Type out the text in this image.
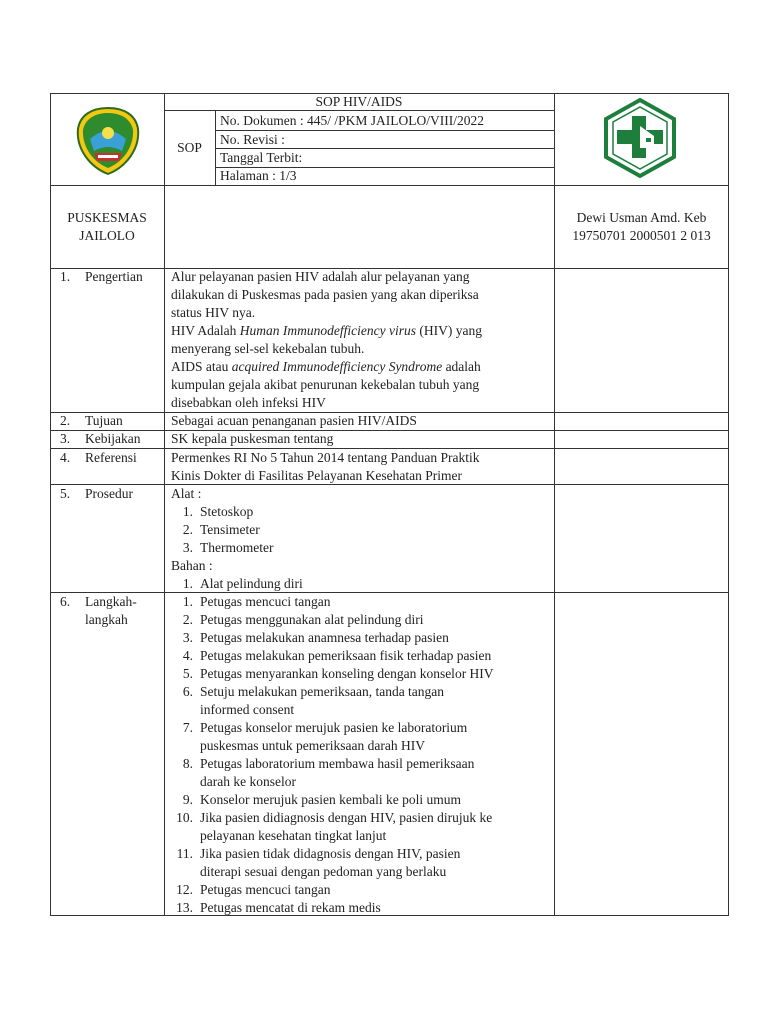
SOP HIV/AIDS
SOP
No. Dokumen : 445/ /PKM JAILOLO/VIII/2022
No. Revisi :
Tanggal Terbit:
Halaman : 1/3
PUSKESMAS
JAILOLO
Dewi Usman Amd. Keb
19750701 2000501 2 013
1. Pengertian Alur pelayanan pasien HIV adalah alur pelayanan yang
dilakukan di Puskesmas pada pasien yang akan diperiksa
status HIV nya.
HIV Adalah Human Immunodefficiency virus (HIV) yang
menyerang sel-sel kekebalan tubuh.
AIDS atau acquired Immunodefficiency Syndrome adalah
kumpulan gejala akibat penurunan kekebalan tubuh yang
disebabkan oleh infeksi HIV
2. Tujuan	Sebagai acuan penanganan pasien HIV/AIDS
3. Kebijakan SK kepala puskesman tentang
4. Referensi	Permenkes RI No 5 Tahun 2014 tentang Panduan Praktik
Kinis Dokter di Fasilitas Pelayanan Kesehatan Primer
5. Prosedur	Alat :
1. Stetoskop
2. Tensimeter
3. Thermometer
Bahan :
1. Alat pelindung diri
6. Langkah-
langkah
1. Petugas mencuci tangan
2. Petugas menggunakan alat pelindung diri
3. Petugas melakukan anamnesa terhadap pasien
4. Petugas melakukan pemeriksaan fisik terhadap pasien
5. Petugas menyarankan konseling dengan konselor HIV
6. Setuju melakukan pemeriksaan, tanda tangan
informed consent
7. Petugas konselor merujuk pasien ke laboratorium
puskesmas untuk pemeriksaan darah HIV
8. Petugas laboratorium membawa hasil pemeriksaan
darah ke konselor
9. Konselor merujuk pasien kembali ke poli umum
10. Jika pasien didiagnosis dengan HIV, pasien dirujuk ke
pelayanan kesehatan tingkat lanjut
11. Jika pasien tidak didagnosis dengan HIV, pasien
diterapi sesuai dengan pedoman yang berlaku
12. Petugas mencuci tangan
13. Petugas mencatat di rekam medis
